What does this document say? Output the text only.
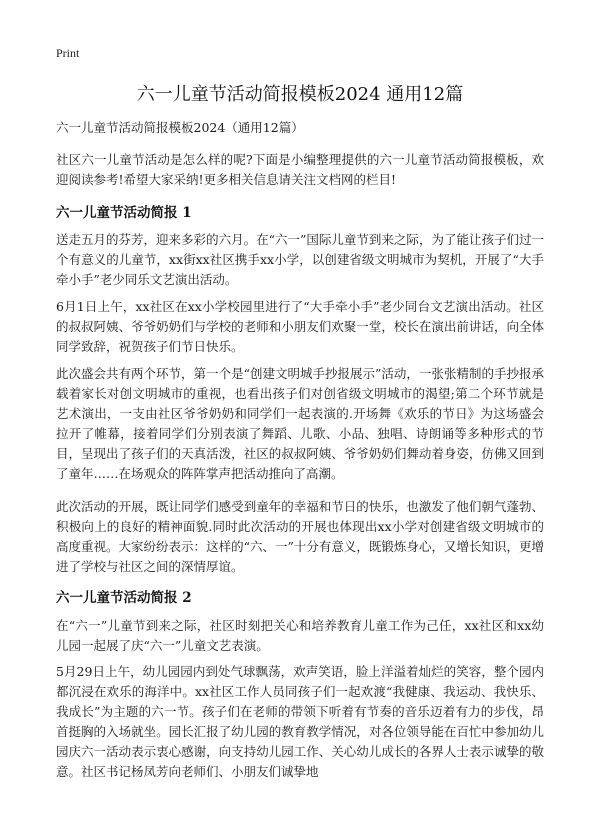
Print
六一儿童节活动简报模板2024 通用12篇
六一儿童节活动简报模板2024（通用12篇）
社区六一儿童节活动是怎么样的呢?下面是小编整理提供的六一儿童节活动简报模板，欢迎阅读参考!希望大家采纳!更多相关信息请关注文档网的栏目!
六一儿童节活动简报 1
送走五月的芬芳，迎来多彩的六月。在“六一”国际儿童节到来之际，为了能让孩子们过一个有意义的儿童节，xx街xx社区携手xx小学，以创建省级文明城市为契机，开展了“大手牵小手”老少同乐文艺演出活动。
6月1日上午，xx社区在xx小学校园里进行了“大手牵小手”老少同台文艺演出活动。社区的叔叔阿姨、爷爷奶奶们与学校的老师和小朋友们欢聚一堂，校长在演出前讲话，向全体同学致辞，祝贺孩子们节日快乐。
此次盛会共有两个环节，第一个是“创建文明城手抄报展示”活动，一张张精制的手抄报承载着家长对创文明城市的重视，也看出孩子们对创省级文明城市的渴望;第二个环节就是艺术演出，一支由社区爷爷奶奶和同学们一起表演的.开场舞《欢乐的节日》为这场盛会拉开了帷幕，接着同学们分别表演了舞蹈、儿歌、小品、独唱、诗朗诵等多种形式的节目，呈现出了孩子们的天真活泼，社区的叔叔阿姨、爷爷奶奶们舞动着身姿，仿佛又回到了童年……在场观众的阵阵掌声把活动推向了高潮。
此次活动的开展，既让同学们感受到童年的幸福和节日的快乐，也激发了他们朝气蓬勃、积极向上的良好的精神面貌.同时此次活动的开展也体现出xx小学对创建省级文明城市的高度重视。大家纷纷表示：这样的“六、一”十分有意义，既锻炼身心，又增长知识，更增进了学校与社区之间的深情厚谊。
六一儿童节活动简报 2
在“六一”儿童节到来之际，社区时刻把关心和培养教育儿童工作为己任，xx社区和xx幼儿园一起展了庆“六一”儿童文艺表演。
5月29日上午，幼儿园园内到处气球飘荡，欢声笑语，脸上洋溢着灿烂的笑容，整个园内都沉浸在欢乐的海洋中。xx社区工作人员同孩子们一起欢渡“我健康、我运动、我快乐、我成长”为主题的六一节。孩子们在老师的带领下听着有节奏的音乐迈着有力的步伐，昂首挺胸的入场就坐。园长汇报了幼儿园的教育教学情况，对各位领导能在百忙中参加幼儿园庆六一活动表示衷心感谢，向支持幼儿园工作、关心幼儿成长的各界人士表示诚挚的敬意。社区书记杨凤芳向老师们、小朋友们诚挚地
